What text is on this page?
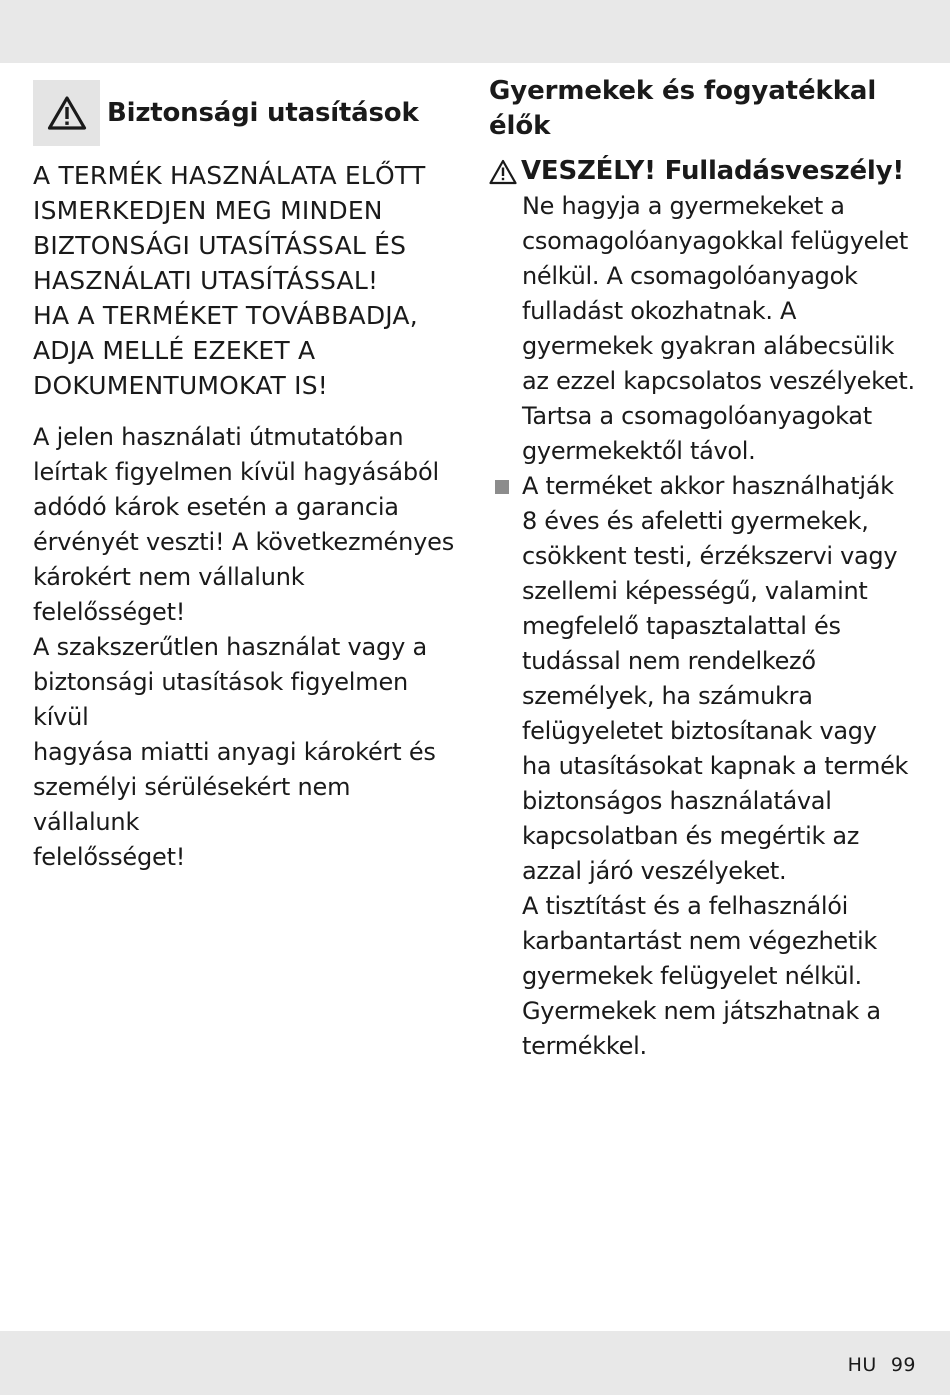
Biztonsági utasítások
A TERMÉK HASZNÁLATA ELŐTT
ISMERKEDJEN MEG MINDEN
BIZTONSÁGI UTASÍTÁSSAL ÉS
HASZNÁLATI UTASÍTÁSSAL!
HA A TERMÉKET TOVÁBBADJA,
ADJA MELLÉ EZEKET A
DOKUMENTUMOKAT IS!
A jelen használati útmutatóban
leírtak figyelmen kívül hagyásából
adódó károk esetén a garancia
érvényét veszti! A következményes
károkért nem vállalunk felelősséget!
A szakszerűtlen használat vagy a
biztonsági utasítások figyelmen kívül
hagyása miatti anyagi károkért és
személyi sérülésekért nem vállalunk
felelősséget!
Gyermekek és fogyatékkal
élők
VESZÉLY! Fulladásveszély!
Ne hagyja a gyermekeket a
csomagolóanyagokkal felügyelet
nélkül. A csomagolóanyagok
fulladást okozhatnak. A
gyermekek gyakran alábecsülik
az ezzel kapcsolatos veszélyeket.
Tartsa a csomagolóanyagokat
gyermekektől távol.
A terméket akkor használhatják
8 éves és afeletti gyermekek,
csökkent testi, érzékszervi vagy
szellemi képességű, valamint
megfelelő tapasztalattal és
tudással nem rendelkező
személyek, ha számukra
felügyeletet biztosítanak vagy
ha utasításokat kapnak a termék
biztonságos használatával
kapcsolatban és megértik az
azzal járó veszélyeket.
A tisztítást és a felhasználói
karbantartást nem végezhetik
gyermekek felügyelet nélkül.
Gyermekek nem játszhatnak a
termékkel.
HU 99
